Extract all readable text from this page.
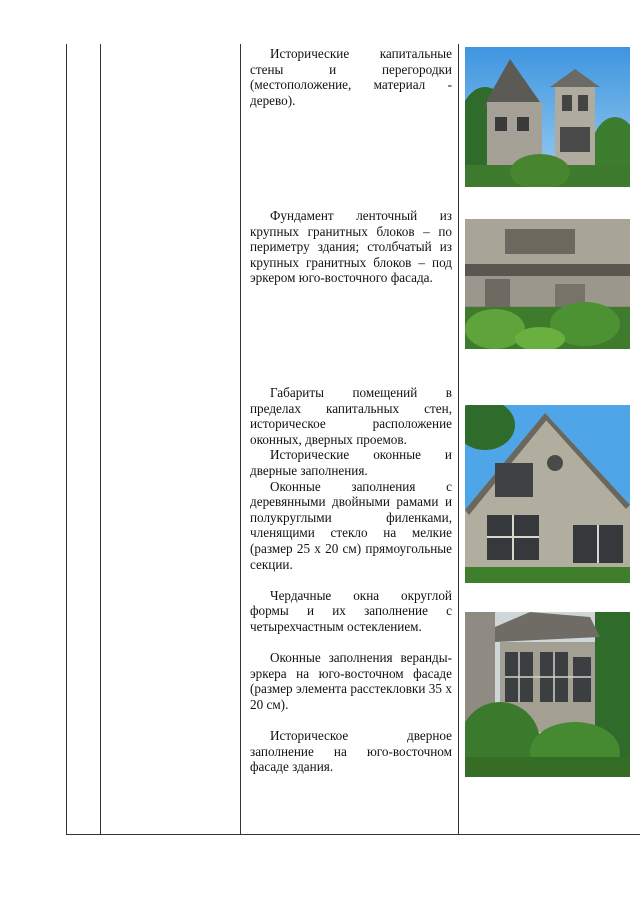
Исторические капитальные стены и перегородки (местоположение, материал - дерево).

Фундамент ленточный из крупных гранитных блоков – по периметру здания; столбчатый из крупных гранитных блоков – под эркером юго-восточного фасада.

Габариты помещений в пределах капитальных стен, историческое расположение оконных, дверных проемов.

Исторические оконные и дверные заполнения.

Оконные заполнения с деревянными двойными рамами и полукруглыми филенками, членящими стекло на мелкие (размер 25 х 20 см) прямоугольные секции.

Чердачные окна округлой формы и их заполнение с четырехчастным остеклением.

Оконные заполнения веранды-эркера на юго-восточном фасаде (размер элемента расстекловки 35 х 20 см).

Историческое дверное заполнение на юго-восточном фасаде здания.
